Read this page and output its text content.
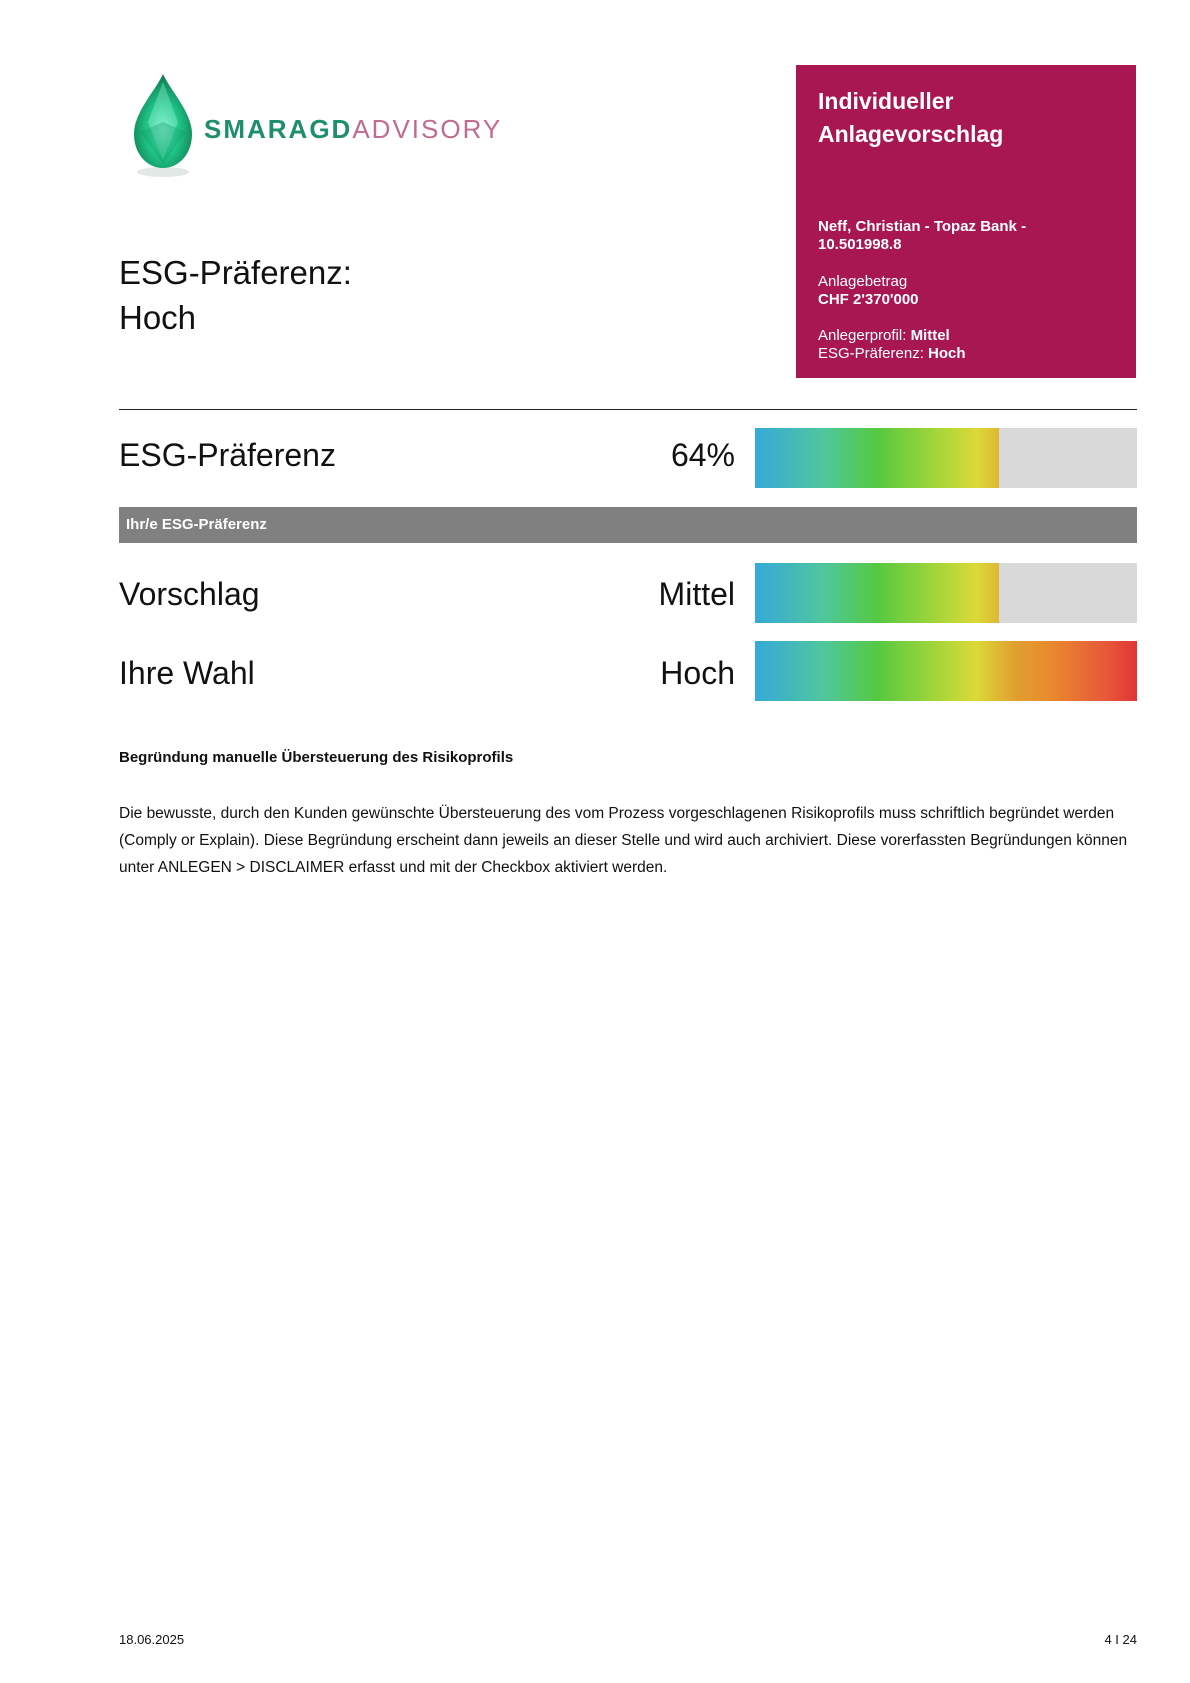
SMARAGDADVISORY
ESG-Präferenz:
Hoch
Individueller
Anlagevorschlag
Neff, Christian - Topaz Bank -
10.501998.8
Anlagebetrag
CHF 2'370'000
Anlegerprofil: Mittel
ESG-Präferenz: Hoch
ESG-Präferenz	64%
Ihr/e ESG-Präferenz
Vorschlag	Mittel
Ihre Wahl	Hoch
Begründung manuelle Übersteuerung des Risikoprofils
Die bewusste, durch den Kunden gewünschte Übersteuerung des vom Prozess vorgeschlagenen Risikoprofils muss schriftlich begründet werden (Comply or Explain). Diese Begründung erscheint dann jeweils an dieser Stelle und wird auch archiviert. Diese vorerfassten Begründungen können unter ANLEGEN > DISCLAIMER erfasst und mit der Checkbox aktiviert werden.
18.06.2025	4 I 24
